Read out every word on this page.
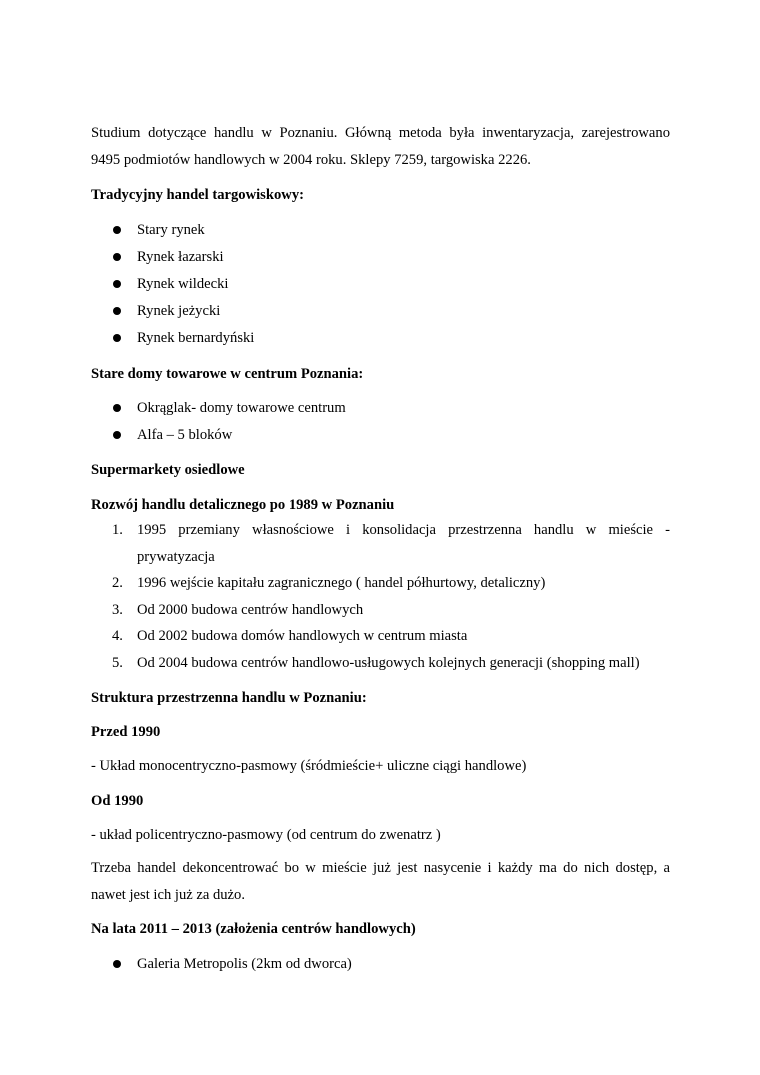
Studium dotyczące handlu w Poznaniu. Główną metoda była inwentaryzacja, zarejestrowano
9495 podmiotów handlowych w 2004 roku. Sklepy 7259, targowiska 2226.
Tradycyjny handel targowiskowy:
Stary rynek
Rynek łazarski
Rynek wildecki
Rynek jeżycki
Rynek bernardyński
Stare domy towarowe w centrum Poznania:
Okrąglak- domy towarowe centrum
Alfa – 5 bloków
Supermarkety osiedlowe
Rozwój handlu detalicznego po 1989 w Poznaniu
1. 1995 przemiany własnościowe i konsolidacja przestrzenna handlu w mieście -
prywatyzacja
2. 1996 wejście kapitału zagranicznego ( handel półhurtowy, detaliczny)
3. Od 2000 budowa centrów handlowych
4. Od 2002 budowa domów handlowych w centrum miasta
5. Od 2004 budowa centrów handlowo-usługowych kolejnych generacji (shopping mall)
Struktura przestrzenna handlu w Poznaniu:
Przed 1990
- Układ monocentryczno-pasmowy (śródmieście+ uliczne ciągi handlowe)
Od 1990
- układ policentryczno-pasmowy (od centrum do zwenatrz )
Trzeba handel dekoncentrować bo w mieście już jest nasycenie i każdy ma do nich dostęp, a
nawet jest ich już za dużo.
Na lata 2011 – 2013 (założenia centrów handlowych)
Galeria Metropolis (2km od dworca)
